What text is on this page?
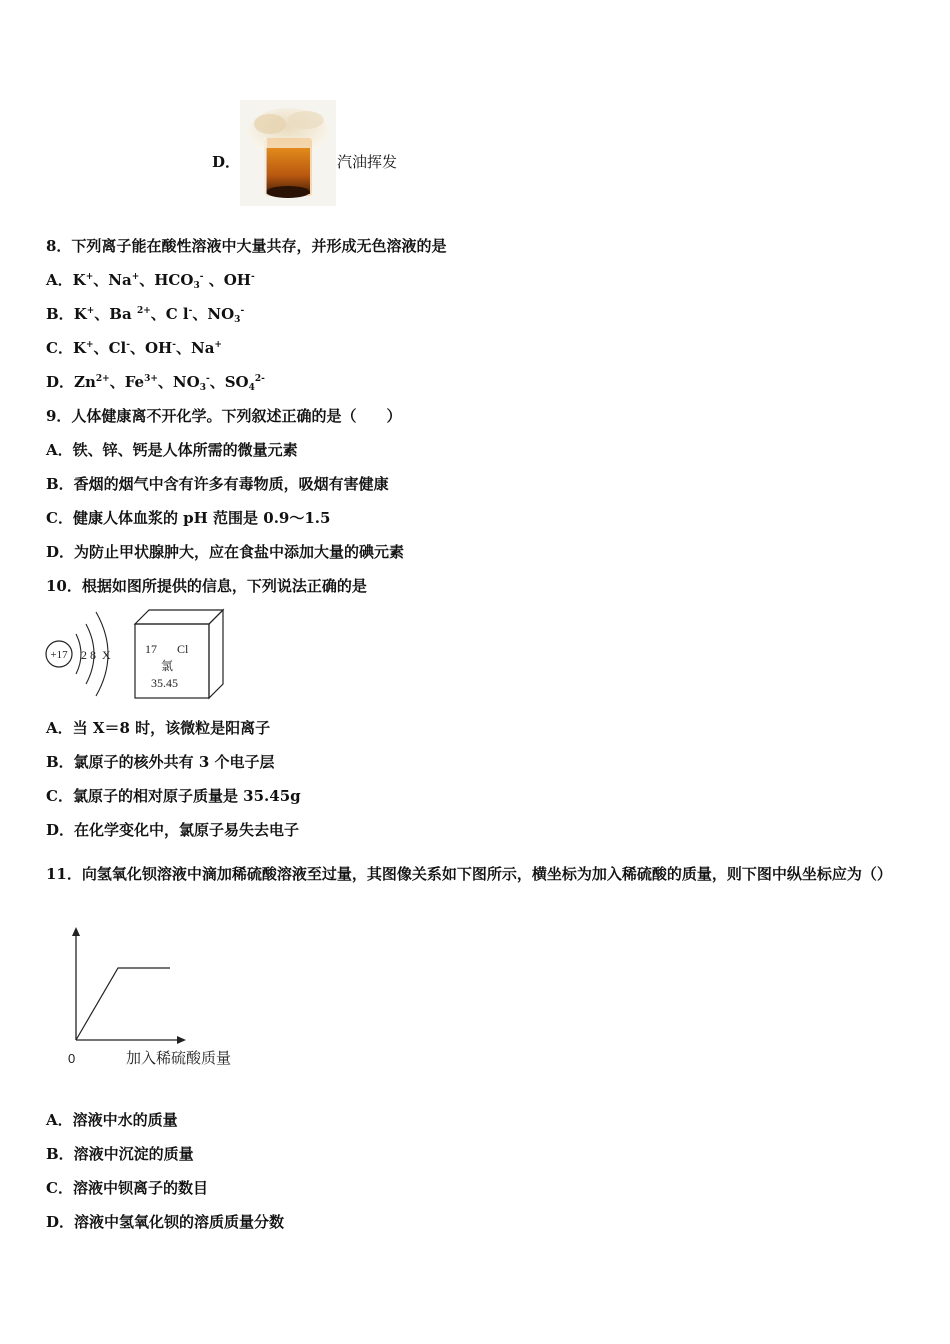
D．	汽油挥发
8．下列离子能在酸性溶液中大量共存，并形成无色溶液的是
A．K+、Na+、$HCO_3^-$ 、OH-
B．K+、Ba $^{2+}$、C l-、$NO_3^-$
C．K+、Cl-、OH-、Na+
D．$Zn^{2+}$、$Fe^{3+}$、$NO_3^-$、$SO_4^{2-}$
9．人体健康离不开化学。下列叙述正确的是（　　）
A．铁、锌、钙是人体所需的微量元素
B．香烟的烟气中含有许多有毒物质，吸烟有害健康
C．健康人体血浆的 pH 范围是 0.9～1.5
D．为防止甲状腺肿大，应在食盐中添加大量的碘元素
10．根据如图所提供的信息，下列说法正确的是
+17 2 8  X	17 Cl
氯
35.45
A．当 X＝8 时，该微粒是阳离子
B．氯原子的核外共有 3 个电子层
C．氯原子的相对原子质量是 35.45g
D．在化学变化中，氯原子易失去电子
11．向氢氧化钡溶液中滴加稀硫酸溶液至过量，其图像关系如下图所示，横坐标为加入稀硫酸的质量，则下图中纵坐标应为（）
0	加入稀硫酸质量
A．溶液中水的质量
B．溶液中沉淀的质量
C．溶液中钡离子的数目
D．溶液中氢氧化钡的溶质质量分数
